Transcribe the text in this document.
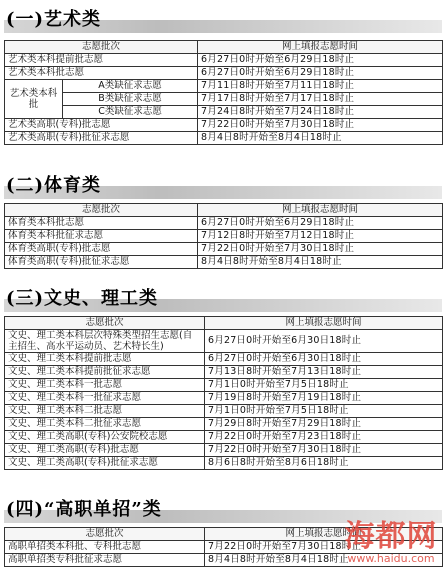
(一)艺术类
志愿批次		网上填报志愿时间
艺术类本科提前批志愿		6月27日0时开始至6月29日18时止
艺术类本科批志愿		6月27日0时开始至6月29日18时止
艺术类本科批	A类缺征求志愿	7月11日8时开始至7月11日18时止
	B类缺征求志愿	7月17日8时开始至7月17日18时止
	C类缺征求志愿	7月24日8时开始至7月24日18时止
艺术类高职(专科)批志愿		7月22日0时开始至7月30日18时止
艺术类高职(专科)批征求志愿		8月4日8时开始至8月4日18时止
(二)体育类
志愿批次	网上填报志愿时间
体育类本科批志愿	6月27日0时开始至6月29日18时止
体育类本科批征求志愿	7月12日8时开始至7月12日18时止
体育类高职(专科)批志愿	7月22日0时开始至7月30日18时止
体育类高职(专科)批征求志愿	8月4日8时开始至8月4日18时止
(三)文史、理工类
志愿批次	网上填报志愿时间
文史、理工类本科层次特殊类型招生志愿(自主招生、高水平运动员、艺术特长生)	6月27日0时开始至6月30日18时止
文史、理工类本科提前批志愿	6月27日0时开始至6月30日18时止
文史、理工类本科提前批征求志愿	7月13日8时开始至7月13日18时止
文史、理工类本科一批志愿	7月1日0时开始至7月5日18时止
文史、理工类本科一批征求志愿	7月19日8时开始至7月19日18时止
文史、理工类本科二批志愿	7月1日0时开始至7月5日18时止
文史、理工类本科二批征求志愿	7月29日8时开始至7月29日18时止
文史、理工类高职(专科)公安院校志愿	7月22日0时开始至7月23日18时止
文史、理工类高职(专科)批志愿	7月22日0时开始至7月30日18时止
文史、理工类高职(专科)批征求志愿	8月6日8时开始至8月6日18时止
(四)“高职单招”类
志愿批次	网上填报志愿时间
高职单招类本科批、专科批志愿	7月22日0时开始至7月30日18时止
高职单招类专科批征求志愿	8月4日8时开始至8月4日18时止
海都网
www.haidu.com
